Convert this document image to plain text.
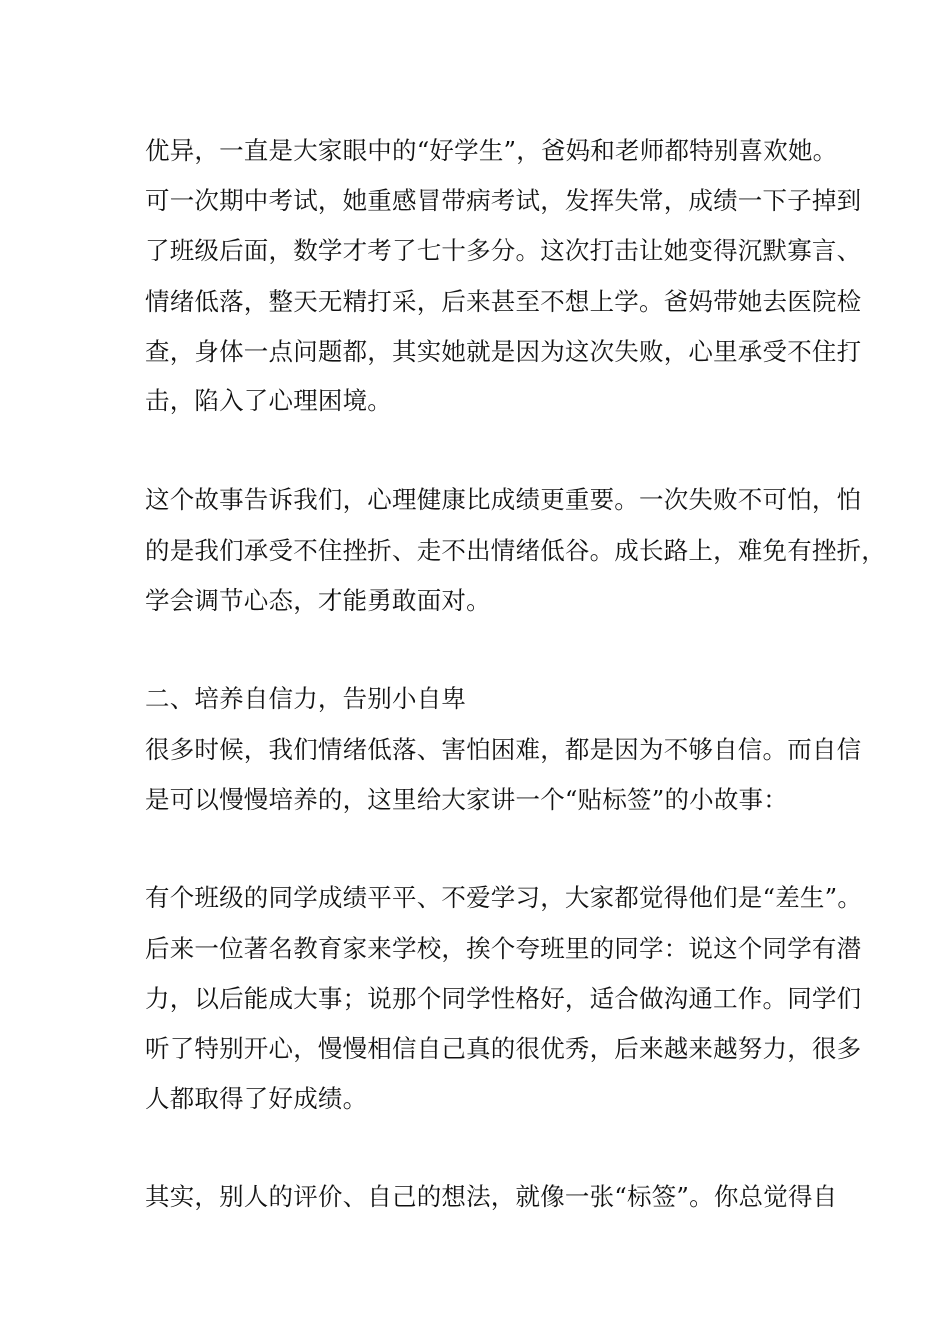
优异，一直是大家眼中的“好学生”，爸妈和老师都特别喜欢她。
可一次期中考试，她重感冒带病考试，发挥失常，成绩一下子掉到
了班级后面，数学才考了七十多分。这次打击让她变得沉默寡言、
情绪低落，整天无精打采，后来甚至不想上学。爸妈带她去医院检
查，身体一点问题都，其实她就是因为这次失败，心里承受不住打
击，陷入了心理困境。
这个故事告诉我们，心理健康比成绩更重要。一次失败不可怕，怕
的是我们承受不住挫折、走不出情绪低谷。成长路上，难免有挫折，
学会调节心态，才能勇敢面对。
二、培养自信力，告别小自卑
很多时候，我们情绪低落、害怕困难，都是因为不够自信。而自信
是可以慢慢培养的，这里给大家讲一个“贴标签”的小故事：
有个班级的同学成绩平平、不爱学习，大家都觉得他们是“差生”。
后来一位著名教育家来学校，挨个夸班里的同学：说这个同学有潜
力，以后能成大事；说那个同学性格好，适合做沟通工作。同学们
听了特别开心，慢慢相信自己真的很优秀，后来越来越努力，很多
人都取得了好成绩。
其实，别人的评价、自己的想法，就像一张“标签”。你总觉得自
